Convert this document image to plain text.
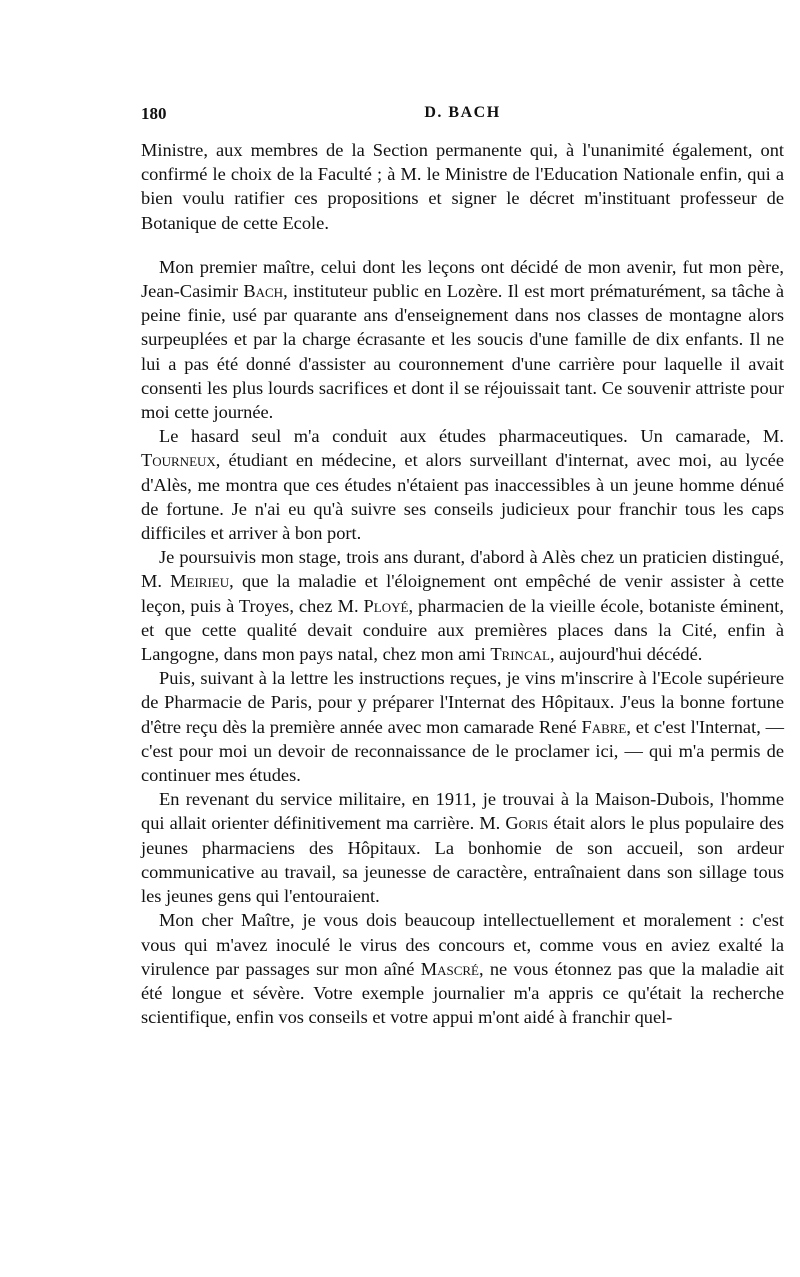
180	D. BACH

Ministre, aux membres de la Section permanente qui, à l'unanimité également, ont confirmé le choix de la Faculté ; à M. le Ministre de l'Education Nationale enfin, qui a bien voulu ratifier ces propositions et signer le décret m'instituant professeur de Botanique de cette Ecole.

Mon premier maître, celui dont les leçons ont décidé de mon avenir, fut mon père, Jean-Casimir Bach, instituteur public en Lozère. Il est mort prématurément, sa tâche à peine finie, usé par quarante ans d'enseignement dans nos classes de montagne alors surpeuplées et par la charge écrasante et les soucis d'une famille de dix enfants. Il ne lui a pas été donné d'assister au couronnement d'une carrière pour laquelle il avait consenti les plus lourds sacrifices et dont il se réjouissait tant. Ce souvenir attriste pour moi cette journée.

Le hasard seul m'a conduit aux études pharmaceutiques. Un camarade, M. Tourneux, étudiant en médecine, et alors surveillant d'internat, avec moi, au lycée d'Alès, me montra que ces études n'étaient pas inaccessibles à un jeune homme dénué de fortune. Je n'ai eu qu'à suivre ses conseils judicieux pour franchir tous les caps difficiles et arriver à bon port.

Je poursuivis mon stage, trois ans durant, d'abord à Alès chez un praticien distingué, M. Meirieu, que la maladie et l'éloignement ont empêché de venir assister à cette leçon, puis à Troyes, chez M. Ployé, pharmacien de la vieille école, botaniste éminent, et que cette qualité devait conduire aux premières places dans la Cité, enfin à Langogne, dans mon pays natal, chez mon ami Trincal, aujourd'hui décédé.

Puis, suivant à la lettre les instructions reçues, je vins m'inscrire à l'Ecole supérieure de Pharmacie de Paris, pour y préparer l'Internat des Hôpitaux. J'eus la bonne fortune d'être reçu dès la première année avec mon camarade René Fabre, et c'est l'Internat, — c'est pour moi un devoir de reconnaissance de le proclamer ici, — qui m'a permis de continuer mes études.

En revenant du service militaire, en 1911, je trouvai à la Maison-Dubois, l'homme qui allait orienter définitivement ma carrière. M. Goris était alors le plus populaire des jeunes pharmaciens des Hôpitaux. La bonhomie de son accueil, son ardeur communicative au travail, sa jeunesse de caractère, entraînaient dans son sillage tous les jeunes gens qui l'entouraient.

Mon cher Maître, je vous dois beaucoup intellectuellement et moralement : c'est vous qui m'avez inoculé le virus des concours et, comme vous en aviez exalté la virulence par passages sur mon aîné Mascré, ne vous étonnez pas que la maladie ait été longue et sévère. Votre exemple journalier m'a appris ce qu'était la recherche scientifique, enfin vos conseils et votre appui m'ont aidé à franchir quel-
